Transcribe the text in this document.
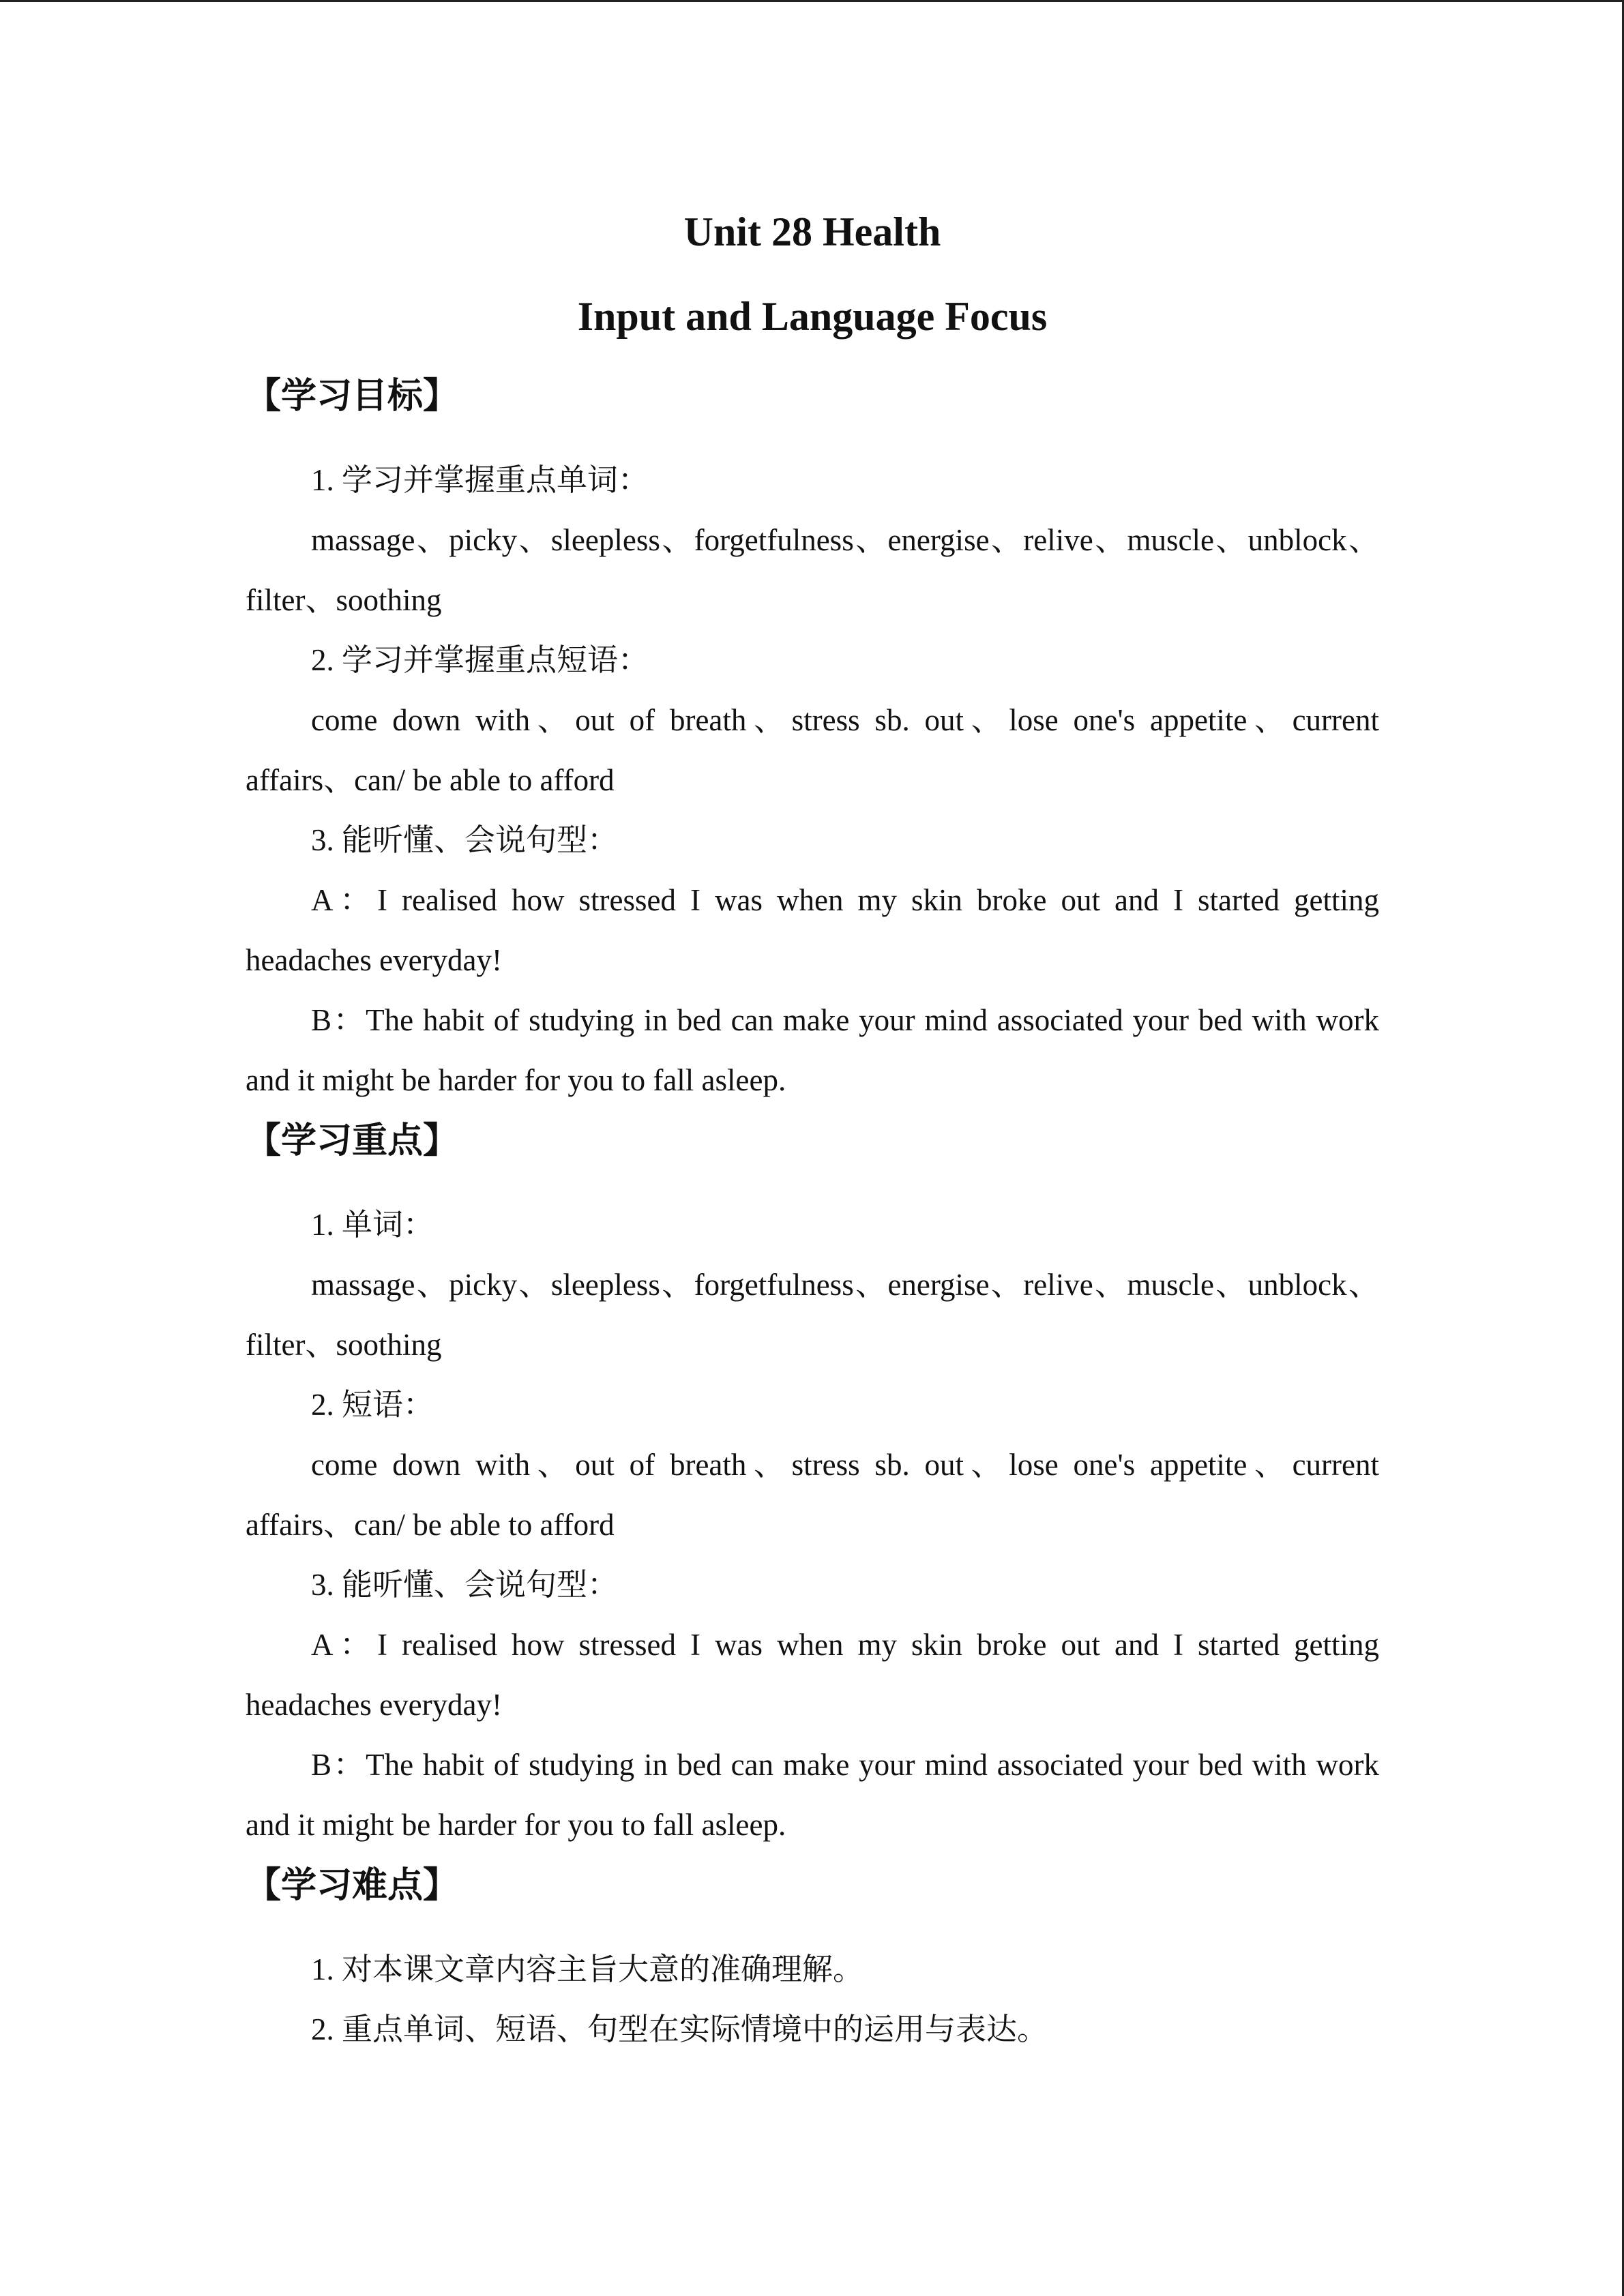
Unit 28 Health
Input and Language Focus
【学习目标】

1. 学习并掌握重点单词：

massage、picky、sleepless、forgetfulness、energise、relive、muscle、unblock、filter、soothing

2. 学习并掌握重点短语：

come down with、out of breath、stress sb. out、lose one's appetite、current affairs、can/ be able to afford

3. 能听懂、会说句型：

A：I realised how stressed I was when my skin broke out and I started getting headaches everyday!

B：The habit of studying in bed can make your mind associated your bed with work and it might be harder for you to fall asleep.

【学习重点】

1. 单词：

massage、picky、sleepless、forgetfulness、energise、relive、muscle、unblock、filter、soothing

2. 短语：

come down with、out of breath、stress sb. out、lose one's appetite、current affairs、can/ be able to afford

3. 能听懂、会说句型：

A：I realised how stressed I was when my skin broke out and I started getting headaches everyday!

B：The habit of studying in bed can make your mind associated your bed with work and it might be harder for you to fall asleep.

【学习难点】

1. 对本课文章内容主旨大意的准确理解。

2. 重点单词、短语、句型在实际情境中的运用与表达。
